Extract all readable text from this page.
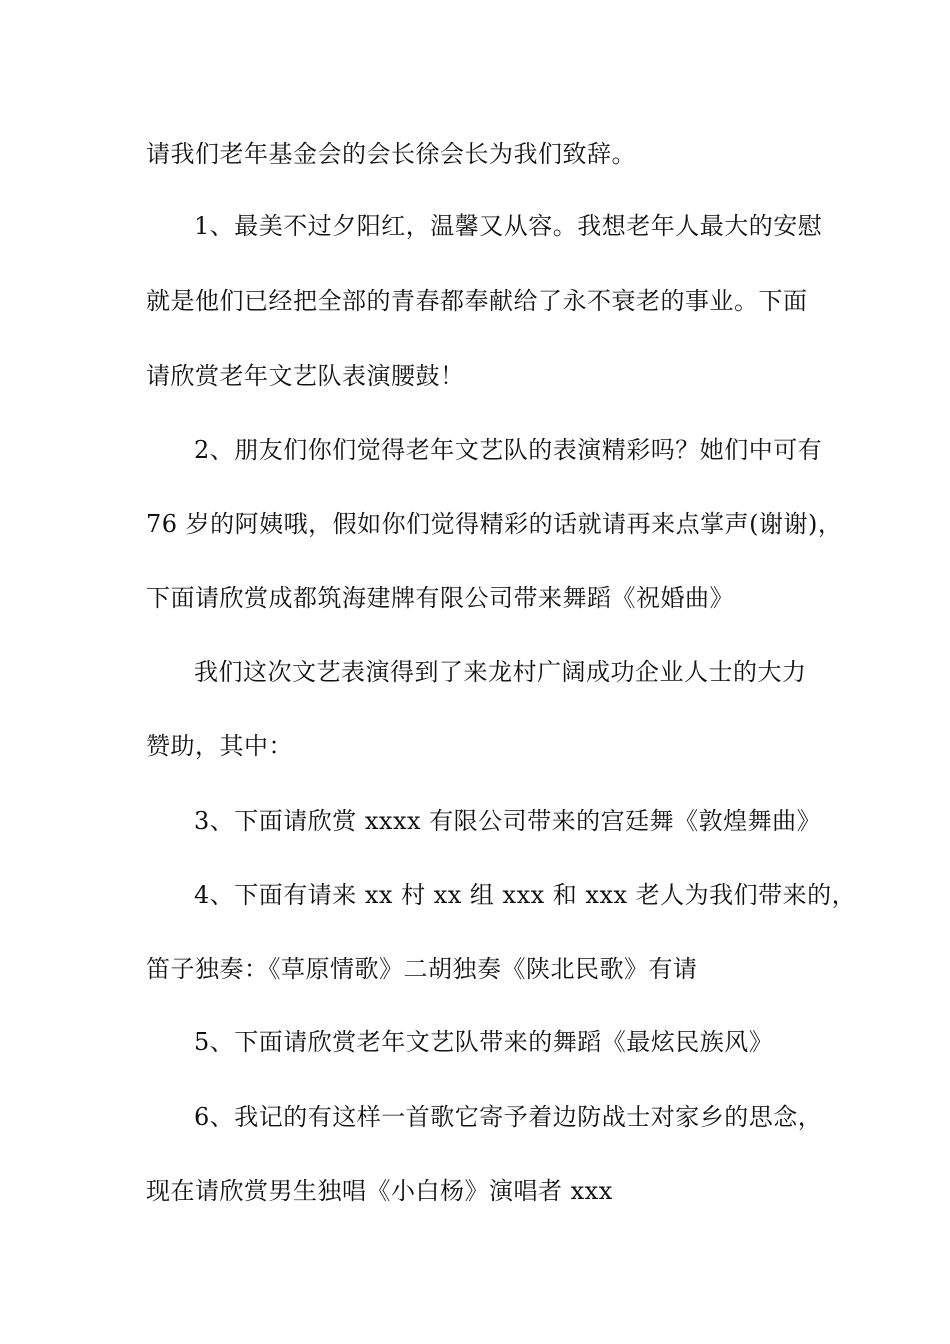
请我们老年基金会的会长徐会长为我们致辞。
1、最美不过夕阳红，温馨又从容。我想老年人最大的安慰
就是他们已经把全部的青春都奉献给了永不衰老的事业。下面
请欣赏老年文艺队表演腰鼓！
2、朋友们你们觉得老年文艺队的表演精彩吗？她们中可有
76 岁的阿姨哦，假如你们觉得精彩的话就请再来点掌声(谢谢)，
下面请欣赏成都筑海建牌有限公司带来舞蹈《祝婚曲》
我们这次文艺表演得到了来龙村广阔成功企业人士的大力
赞助，其中：
3、下面请欣赏 xxxx 有限公司带来的宫廷舞《敦煌舞曲》
4、下面有请来 xx 村 xx 组 xxx 和 xxx 老人为我们带来的，
笛子独奏：《草原情歌》二胡独奏《陕北民歌》有请
5、下面请欣赏老年文艺队带来的舞蹈《最炫民族风》
6、我记的有这样一首歌它寄予着边防战士对家乡的思念，
现在请欣赏男生独唱《小白杨》演唱者 xxx
